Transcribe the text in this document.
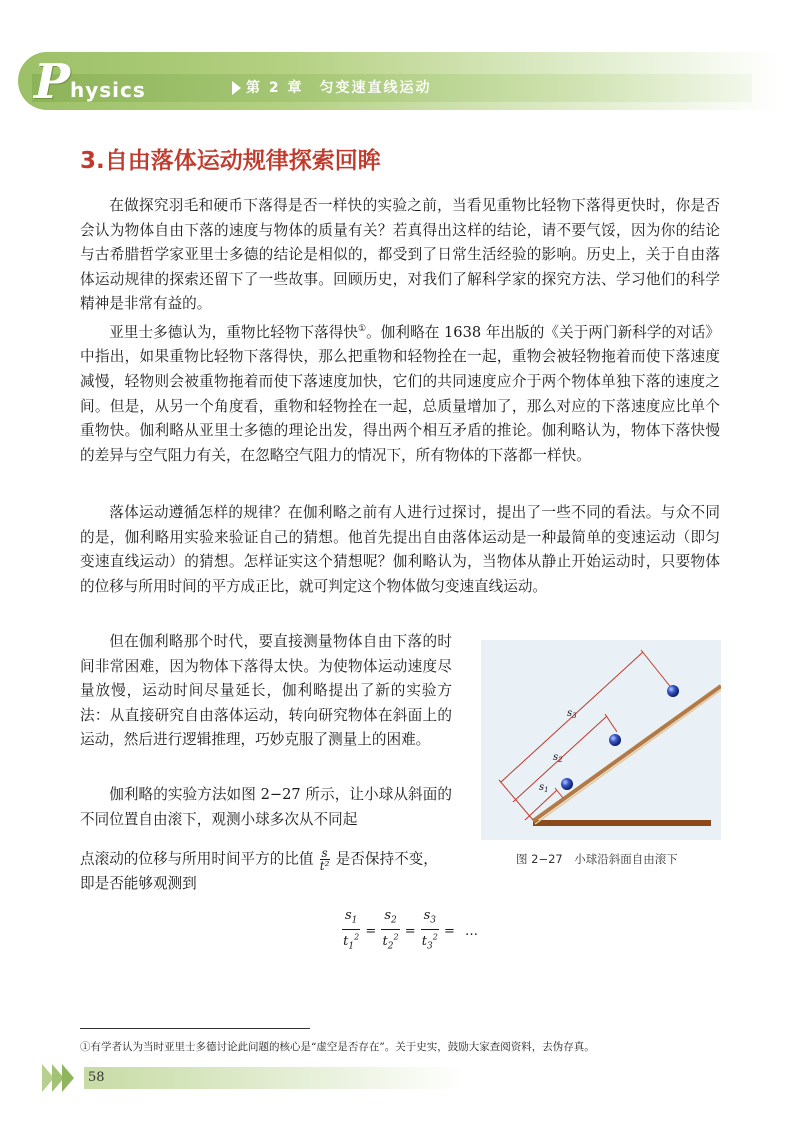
P hysics	第 2 章　匀变速直线运动
3.自由落体运动规律探索回眸

在做探究羽毛和硬币下落得是否一样快的实验之前，当看见重物比轻物下落得更快时，你是否会认为物体自由下落的速度与物体的质量有关？若真得出这样的结论，请不要气馁，因为你的结论与古希腊哲学家亚里士多德的结论是相似的，都受到了日常生活经验的影响。历史上，关于自由落体运动规律的探索还留下了一些故事。回顾历史，对我们了解科学家的探究方法、学习他们的科学精神是非常有益的。

亚里士多德认为，重物比轻物下落得快①。伽利略在 1638 年出版的《关于两门新科学的对话》中指出，如果重物比轻物下落得快，那么把重物和轻物拴在一起，重物会被轻物拖着而使下落速度减慢，轻物则会被重物拖着而使下落速度加快，它们的共同速度应介于两个物体单独下落的速度之间。但是，从另一个角度看，重物和轻物拴在一起，总质量增加了，那么对应的下落速度应比单个重物快。伽利略从亚里士多德的理论出发，得出两个相互矛盾的推论。伽利略认为，物体下落快慢的差异与空气阻力有关，在忽略空气阻力的情况下，所有物体的下落都一样快。

落体运动遵循怎样的规律？在伽利略之前有人进行过探讨，提出了一些不同的看法。与众不同的是，伽利略用实验来验证自己的猜想。他首先提出自由落体运动是一种最简单的变速运动（即匀变速直线运动）的猜想。怎样证实这个猜想呢？伽利略认为，当物体从静止开始运动时，只要物体的位移与所用时间的平方成正比，就可判定这个物体做匀变速直线运动。

但在伽利略那个时代，要直接测量物体自由下落的时间非常困难，因为物体下落得太快。为使物体运动速度尽量放慢，运动时间尽量延长，伽利略提出了新的实验方法：从直接研究自由落体运动，转向研究物体在斜面上的运动，然后进行逻辑推理，巧妙克服了测量上的困难。

伽利略的实验方法如图 2−27 所示，让小球从斜面的不同位置自由滚下，观测小球多次从不同起

点滚动的位移与所用时间平方的比值 $\frac{s}{\text{t²}}$ 是否保持不变，即是否能够观测到

$\frac{s_1}{t_1^2} = \frac{s_2}{t_2^2} = \frac{s_3}{t_3^2}$ = …
$s_1$
$s_2$
$s_3$
图 2−27　小球沿斜面自由滚下
①有学者认为当时亚里士多德讨论此问题的核心是“虚空是否存在”。关于史实，鼓励大家查阅资料，去伪存真。
58
